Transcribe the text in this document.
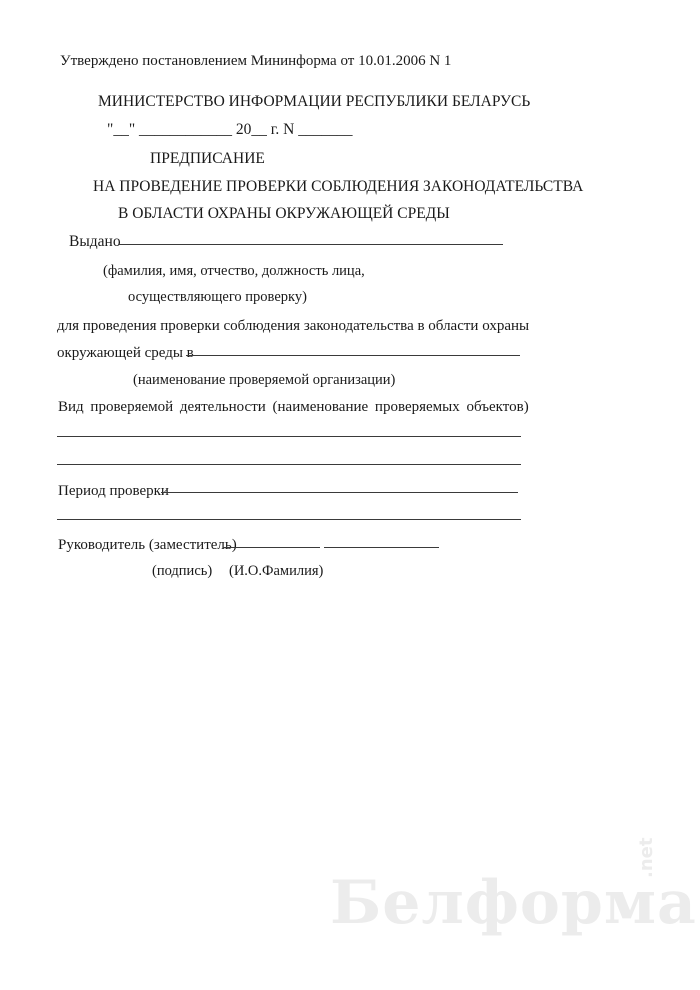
Утверждено постановлением Мининформа от 10.01.2006 N 1
МИНИСТЕРСТВО ИНФОРМАЦИИ РЕСПУБЛИКИ БЕЛАРУСЬ
"__" ____________ 20__ г. N _______
ПРЕДПИСАНИЕ
НА ПРОВЕДЕНИЕ ПРОВЕРКИ СОБЛЮДЕНИЯ ЗАКОНОДАТЕЛЬСТВА
В ОБЛАСТИ ОХРАНЫ ОКРУЖАЮЩЕЙ СРЕДЫ
Выдано
(фамилия, имя, отчество, должность лица,
осуществляющего проверку)
для проведения проверки соблюдения законодательства в области охраны
окружающей среды в
(наименование проверяемой организации)
Вид проверяемой деятельности (наименование проверяемых объектов)
Период проверки
Руководитель (заместитель)
(подпись) (И.О.Фамилия)
Белформа
.net
